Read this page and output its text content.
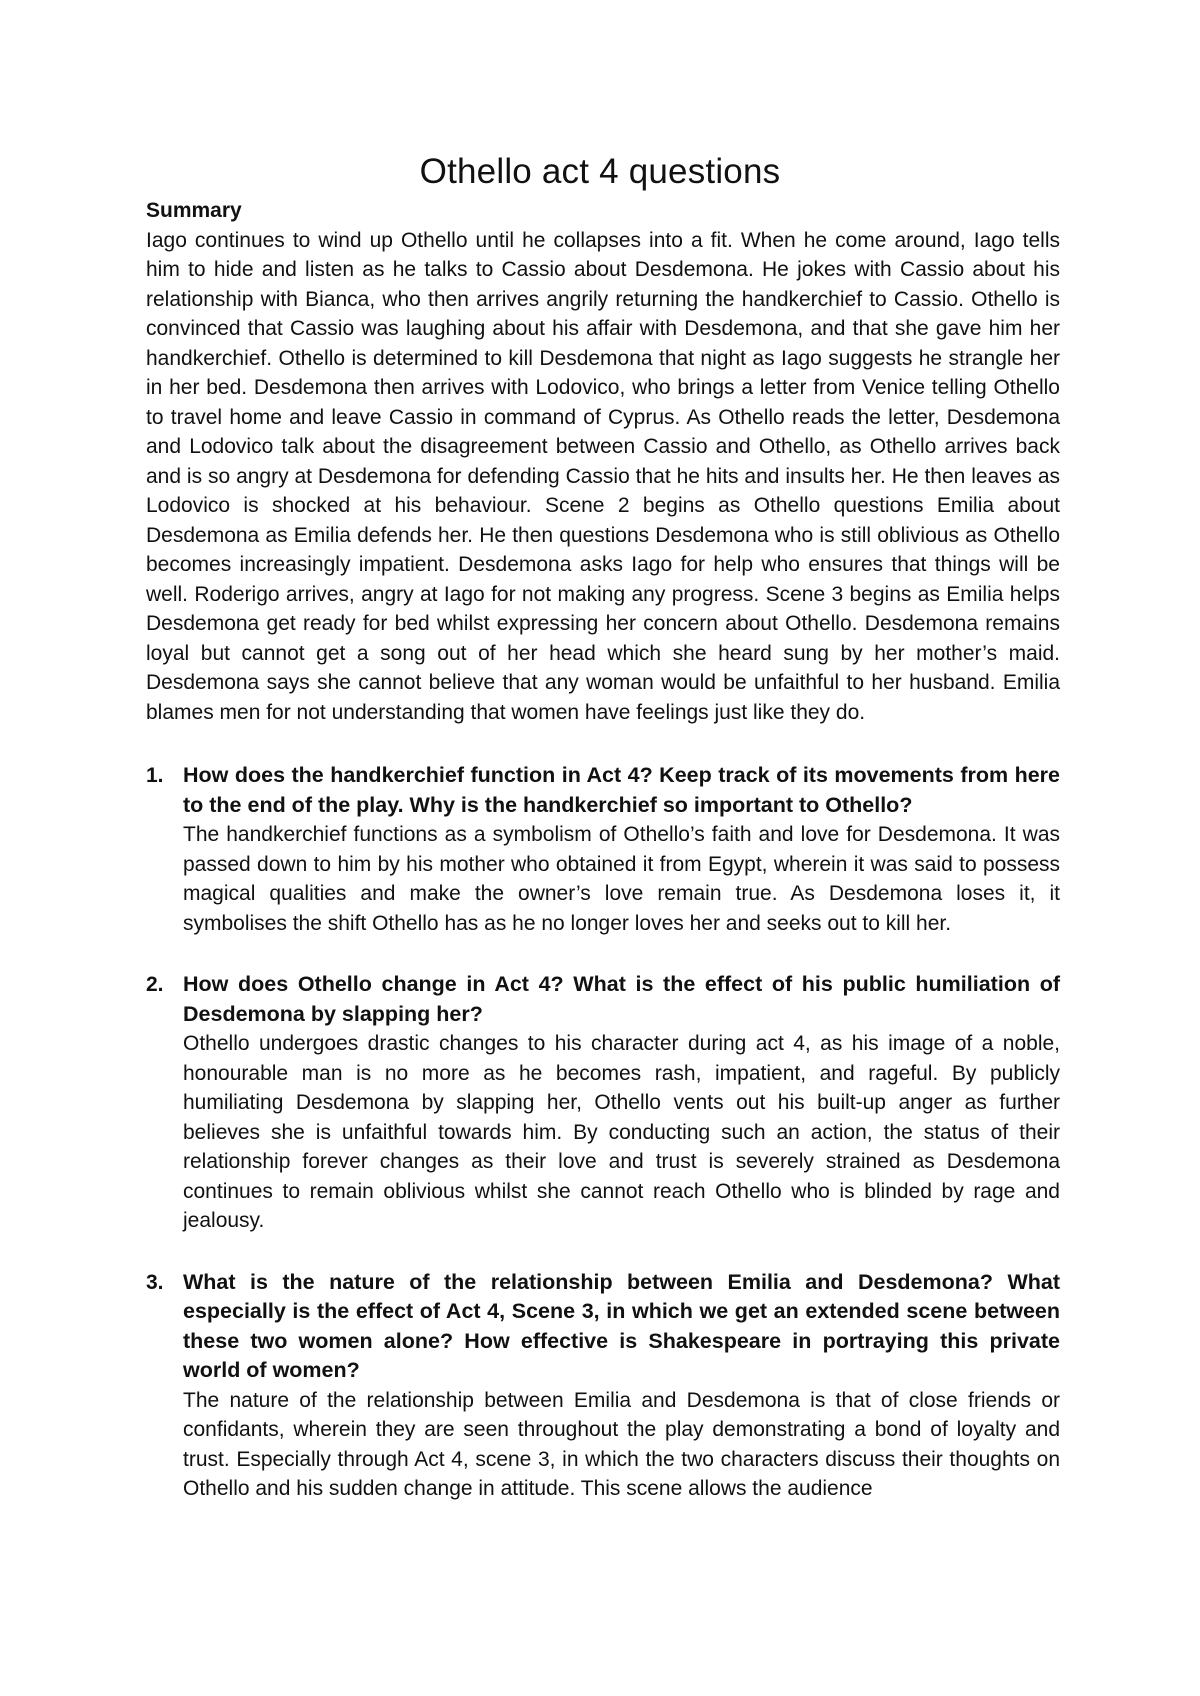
Othello act 4 questions

Summary

Iago continues to wind up Othello until he collapses into a fit. When he come around, Iago tells him to hide and listen as he talks to Cassio about Desdemona. He jokes with Cassio about his relationship with Bianca, who then arrives angrily returning the handkerchief to Cassio. Othello is convinced that Cassio was laughing about his affair with Desdemona, and that she gave him her handkerchief. Othello is determined to kill Desdemona that night as Iago suggests he strangle her in her bed. Desdemona then arrives with Lodovico, who brings a letter from Venice telling Othello to travel home and leave Cassio in command of Cyprus. As Othello reads the letter, Desdemona and Lodovico talk about the disagreement between Cassio and Othello, as Othello arrives back and is so angry at Desdemona for defending Cassio that he hits and insults her. He then leaves as Lodovico is shocked at his behaviour. Scene 2 begins as Othello questions Emilia about Desdemona as Emilia defends her. He then questions Desdemona who is still oblivious as Othello becomes increasingly impatient. Desdemona asks Iago for help who ensures that things will be well. Roderigo arrives, angry at Iago for not making any progress. Scene 3 begins as Emilia helps Desdemona get ready for bed whilst expressing her concern about Othello. Desdemona remains loyal but cannot get a song out of her head which she heard sung by her mother’s maid. Desdemona says she cannot believe that any woman would be unfaithful to her husband. Emilia blames men for not understanding that women have feelings just like they do.

1. How does the handkerchief function in Act 4? Keep track of its movements from here to the end of the play. Why is the handkerchief so important to Othello?

The handkerchief functions as a symbolism of Othello’s faith and love for Desdemona. It was passed down to him by his mother who obtained it from Egypt, wherein it was said to possess magical qualities and make the owner’s love remain true. As Desdemona loses it, it symbolises the shift Othello has as he no longer loves her and seeks out to kill her.

2. How does Othello change in Act 4? What is the effect of his public humiliation of Desdemona by slapping her?

Othello undergoes drastic changes to his character during act 4, as his image of a noble, honourable man is no more as he becomes rash, impatient, and rageful. By publicly humiliating Desdemona by slapping her, Othello vents out his built-up anger as further believes she is unfaithful towards him. By conducting such an action, the status of their relationship forever changes as their love and trust is severely strained as Desdemona continues to remain oblivious whilst she cannot reach Othello who is blinded by rage and jealousy.

3. What is the nature of the relationship between Emilia and Desdemona? What especially is the effect of Act 4, Scene 3, in which we get an extended scene between these two women alone? How effective is Shakespeare in portraying this private world of women?

The nature of the relationship between Emilia and Desdemona is that of close friends or confidants, wherein they are seen throughout the play demonstrating a bond of loyalty and trust. Especially through Act 4, scene 3, in which the two characters discuss their thoughts on Othello and his sudden change in attitude. This scene allows the audience
